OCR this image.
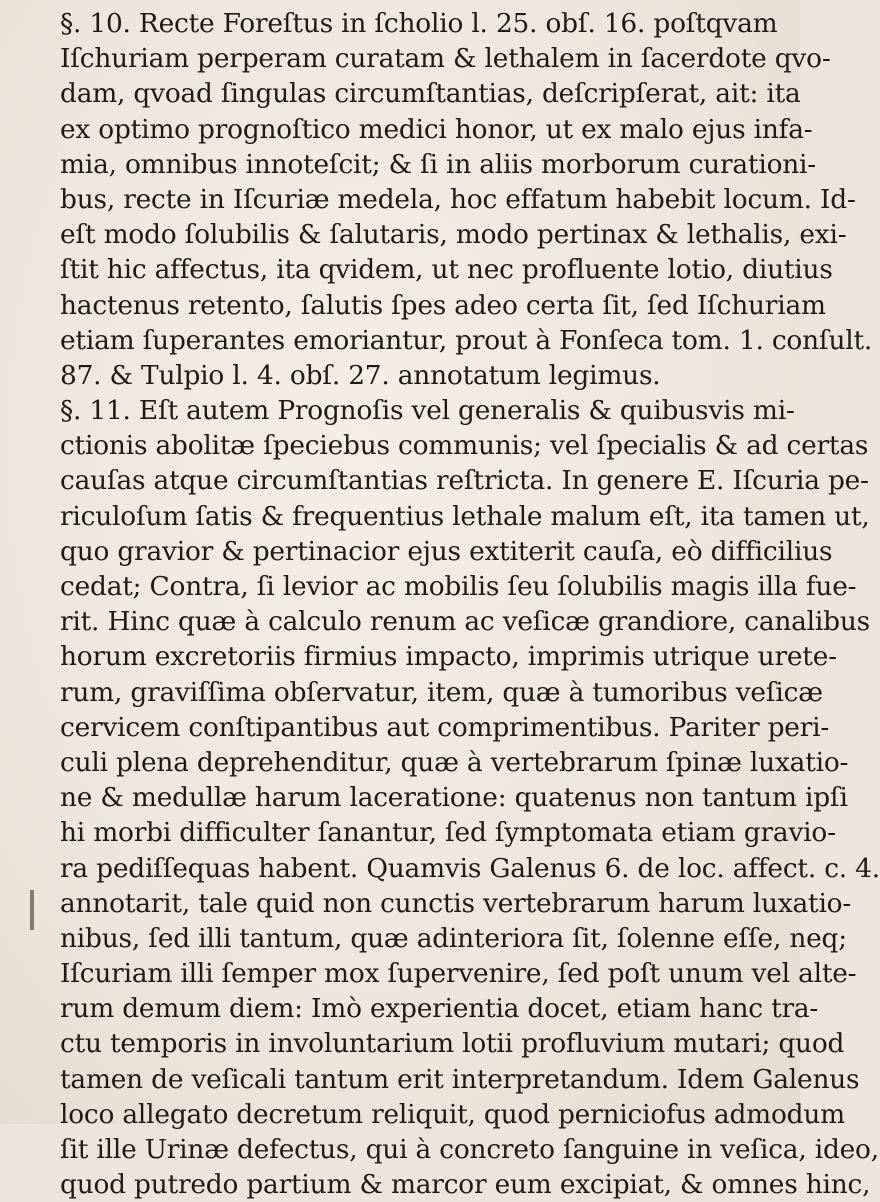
§. 10. Recte Foreſtus in ſcholio l. 25. obſ. 16. poſtqvam
Iſchuriam perperam curatam & lethalem in ſacerdote qvo-
dam, qvoad ſingulas circumſtantias, deſcripſerat, ait: ita
ex optimo prognoſtico medici honor, ut ex malo ejus infa-
mia, omnibus innoteſcit; & ſi in aliis morborum curationi-
bus, recte in Iſcuriæ medela, hoc effatum habebit locum. Id-
eſt modo ſolubilis & ſalutaris, modo pertinax & lethalis, exi-
ſtit hic affectus, ita qvidem, ut nec profluente lotio, diutius
hactenus retento, ſalutis ſpes adeo certa ſit, ſed Iſchuriam
etiam ſuperantes emoriantur, prout à Fonſeca tom. 1. conſult.
87. & Tulpio l. 4. obſ. 27. annotatum legimus.
§. 11. Eſt autem Prognoſis vel generalis & quibusvis mi-
ctionis abolitæ ſpeciebus communis; vel ſpecialis & ad certas
cauſas atque circumſtantias reſtricta. In genere E. Iſcuria pe-
riculoſum ſatis & frequentius lethale malum eſt, ita tamen ut,
quo gravior & pertinacior ejus extiterit cauſa, eò difficilius
cedat; Contra, ſi levior ac mobilis ſeu ſolubilis magis illa fue-
rit. Hinc quæ à calculo renum ac veſicæ grandiore, canalibus
horum excretoriis firmius impacto, imprimis utrique urete-
rum, graviſſima obſervatur, item, quæ à tumoribus veſicæ
cervicem conſtipantibus aut comprimentibus. Pariter peri-
culi plena deprehenditur, quæ à vertebrarum ſpinæ luxatio-
ne & medullæ harum laceratione: quatenus non tantum ipſi
hi morbi difficulter ſanantur, ſed ſymptomata etiam gravio-
ra pediſſequas habent. Quamvis Galenus 6. de loc. affect. c. 4.
annotarit, tale quid non cunctis vertebrarum harum luxatio-
nibus, ſed illi tantum, quæ adinteriora ſit, ſolenne eſſe, neq;
Iſcuriam illi ſemper mox ſupervenire, ſed poſt unum vel alte-
rum demum diem: Imò experientia docet, etiam hanc tra-
ctu temporis in involuntarium lotii profluvium mutari; quod
tamen de veſicali tantum erit interpretandum. Idem Galenus
loco allegato decretum reliquit, quod perniciofus admodum
ſit ille Urinæ defectus, qui à concreto ſanguine in veſica, ideo,
quod putredo partium & marcor eum excipiat, & omnes hinc,
